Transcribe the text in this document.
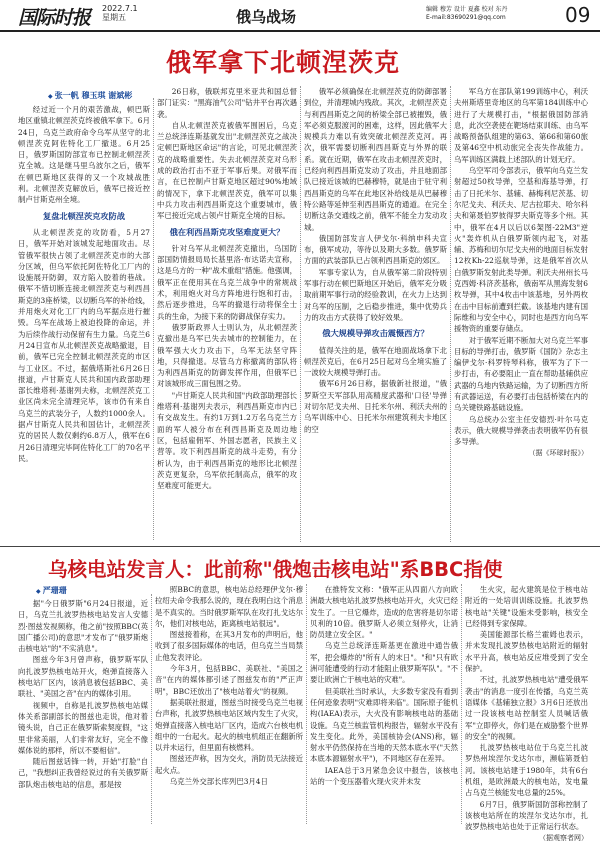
国际时报 2022.7.1
星期五	俄乌战场	编辑 穆芳 设计 夏鑫 校对 东丹
E-mail:83690291@qq.com	09
俄军拿下北顿涅茨克
◆ 张一帆 穆玉琪 谢斌彬

经过近一个月的艰苦激战，顿巴斯地区重镇北顿涅茨克终被俄军拿下。6月24日，乌克兰政府命令乌军从坚守的北顿涅茨克阿佐特化工厂撤退。6月25日，俄罗斯国防部宣布已控制北顿涅茨克全城。这是继马里乌波尔之后，俄军在顿巴斯地区获得的又一个攻城战胜利。北顿涅茨克解放后，俄军已接近控制卢甘斯克州全境。

复盘北顿涅茨克攻防战

从北顿涅茨克的攻防看，5月27日，俄军开始对该城发起地面攻击。尽管俄军很快占领了北顿涅茨克市的大部分区域，但乌军依托阿佐特化工厂内的设施展开防御，双方陷入胶着的巷战。俄军不惜切断连接北顿涅茨克与利西昌斯克的3座桥梁，以切断乌军的补给线，并用炮火对化工厂内的乌军据点进行摧毁。乌军在战场上被迫投降的命运，并为后续作战行动保留有生力量。乌克兰6月24日宣布从北顿涅茨克战略撤退，目前，俄军已完全控制北顿涅茨克的市区与工业区。不过，据俄塔斯社6月26日报道，卢甘斯克人民共和国内政部助理部长维塔利·基谢列夫称，北顿涅茨克工业区尚未完全清理完毕，该市仍有来自乌克兰的武装分子，人数约1000余人。据卢甘斯克人民共和国估计，北顿涅茨克的居民人数仅剩约6.8万人，俄军在6月26日清理完毕阿佐特化工厂的70名平民。

26日称，俄联邦克里米亚共和国总督部门证实："黑海油气公司"钻井平台再次遇袭。

自从北顿涅茨克被俄军围困后，乌克兰总统泽连斯基就发出"北顿涅茨克之战决定顿巴斯地区命运"的言论，可见北顿涅茨克的战略重要性。失去北顿涅茨克对乌形成的政治打击不亚于军事后果。对俄军而言，在已控制卢甘斯克地区超过90%地域的情况下，拿下北顿涅茨克，俄军可以集中兵力攻击利西昌斯克这个重要城市，俄军已接近完成占领卢甘斯克全境的目标。

俄在利西昌斯克攻坚难度更大？

针对乌军从北顿涅茨克撤出，乌国防部国防情报局局长基里洛·布达诺夫宣称，这是乌方的一种"战术重组"措施。他强调，俄军正在使用其在乌克兰战争中的常规战术，利用炮火对乌方阵地进行饱和打击，然后逐步推进，乌军的撤退行动将保全士兵的生命，为接下来的防御战保存实力。

俄罗斯政界人士则认为，从北顿涅茨克撤出是乌军已失去城市的控制能力，在俄军强大火力攻击下，乌军无法坚守阵地，只得撤退。尽管乌方称撤离的部队将为利西昌斯克的防御发挥作用，但俄军已对该城形成三面包围之势。

"卢甘斯克人民共和国"内政部助理部长维塔利·基谢列夫表示，利西昌斯克市内已有交战发生。有约1万到1.2万名乌克兰方面的军人被分布在利西昌斯克及周边地区，包括雇佣军、外国志愿者，民族主义营等。攻下利西昌斯克的战斗走势，有分析认为，由于利西昌斯克的地形比北顿涅茨克更复杂，乌军依托制高点，俄军的攻坚难度可能更大。

俄军必须确保在北顿涅茨克的防御部署到位，并清理城内残敌。其次，北顿涅茨克与利西昌斯克之间的桥梁全部已被摧毁，俄军必须克服渡河的困难，这样，因此俄军大规模兵力难以有效突破北顿涅茨克河。再次，俄军需要切断利西昌斯克与外界的联系。就在近期，俄军在攻击北顿涅茨克时，已经向利西昌斯克发动了攻击，并且地面部队已接近该城的巴赫穆特，就是由于驻守利西昌斯克的乌军在此地区补给线是从巴赫穆特公路等延伸至利西昌斯克的通道。在完全切断这条交通线之前，俄军不能全力发动攻城。

俄国防部发言人伊戈尔·科纳申科夫宣布，俄军成功，等待以及期大多数。俄罗斯方面的武装部队已占领利西昌斯克的郊区。

军事专家认为，自从俄军第二阶段特别军事行动在顿巴斯地区开始后，俄军充分吸取前期军事行动的经验教训，在火力上达到对乌军的压制，之后稳步推进，集中优势兵力的攻击方式获得了较好效果。

俄大规模导弹攻击震慑西方？

值得关注的是，俄军在地面战场拿下北顿涅茨克后，在6月25日起对乌全境实施了一波较大规模导弹打击。

俄军6月26日称，据俄新社报道，"俄罗斯空天军部队用高精度武器和'口径'导弹对切尔尼戈夫州、日托米尔州、利沃夫州的乌军训练中心、日托米尔州建筑利夫卡地区的空

军乌方在部队第199训练中心，利沃夫州斯塔里奇地区的乌军第184训练中心进行了大规模打击，"根据俄国防部消息，此次空袭使在靶场结束训练、由乌军战略预备队组建的第63、第66和第60旅及第46空中机动旅完全丧失作战能力。乌军训练区满载上述部队的计划无疗。

乌空军司令部表示，俄军向乌克兰发射超过50枚导弹，空基和海基导弹，打击了日托米尔、基辅、赫梅利尼茨基、切尔尼戈夫、利沃夫、尼古拉耶夫、哈尔科夫和第聂伯罗彼得罗夫斯克等多个州。其中，俄军在4月以后以6架图-22M3"逆火"轰炸机从白俄罗斯领内起飞，对基辅、苏梅和切尔尼戈夫州的地面目标发射12枚Kh-22巡航导弹，这是俄军首次从白俄罗斯发射此类导弹。利沃夫州州长马克西姆·科济茨基称，俄南军从黑海发射6枚导弹，其中4枚击中该基地，另外两枚在击中目标前遭到拦截。该基地内建有国际维和与安全中心，同时也是西方向乌军援物资的重要存储点。

对于俄军近期不断加大对乌克兰军事目标的导弹打击，俄罗斯《国防》杂志主编伊戈尔·科罗特琴科称，俄军为了下一步打击，有必要阻止一直在帮助基辅供应武器的乌地内铁路运输，为了切断西方所有武器运送，有必要打击包括桥梁在内的乌关键铁路基础设施。

乌总统办公室主任安德烈·叶尔马克表示，俄大规模导弹袭击表明俄军仍有很多导弹。

（据《环球时报》）

乌核电站发言人：此前称"俄炮击核电站"系BBC指使
◆ 严珊珊

据"今日俄罗斯"6月24日报道，近日，乌克兰扎波罗热核电站发言人安德烈·图兹发视频称，他之前"按照BBC(英国广播公司)的意思"才发布了"俄罗斯炮击核电站"的"不实消息"。

图兹今年3月曾声称，俄罗斯军队向扎波罗热核电站开火，炮弹直接落入核电站厂区内，该消息被包括BBC、美联社、"美国之音"在内的媒体引用。

视频中，自称是扎波罗热核电站媒体关系部副部长的图兹也走说，他对着镜头说，自己正在俄罗斯索契度假，"这里非常美丽，人们非常友好，完全不像媒体说的那样，所以不要相信"。

随后图兹话锋一转，开始"打脸"自己，"我想纠正我曾经说过的有关俄罗斯部队炮击核电站的信息，那是按

照BBC的意思，核电站总经理伊戈尔·穆拉绍夫命令我那么说的，现在我明白这个消息是不真实的。当时俄罗斯军队在攻打扎戈达尔尔，他们对核电站，距离核电站很远"。

图兹接着称，在其3月发布的声明后，他收到了很多国际媒体的电话，但乌克兰当局禁止他发表评论。

今年3月，包括BBC、美联社、"美国之音"在内的媒体都引述了图兹发布的"严正声明"，BBC还放出了"核电站着火"的视频。

据美联社报道，图兹当时接受乌克兰电视台声称，扎波罗热核电站区域内发生了火灾，炮弹直接落入核电站厂区内，造成六台核电机组中的一台起火。起火的核电机组正在翻新所以并未运行，但里面有核燃料。

图兹还声称，因为交火，消防员无法接近起火点。

乌克兰外交部长库列巴3月4日

在推特发文称："俄军正从四面八方向欧洲最大核电站扎波罗热核电站开火，火灾已经发生了。一旦它爆炸，造成的危害将是切尔诺贝利的10倍。俄罗斯人必须立刻停火，让消防员建立安全区。"

乌克兰总统泽连斯基更在激进中通告俄军，把会爆炸的"所有人的末日"。"和"只有欧洲可能遭受的行动才能阻止俄罗斯军队"。"不要让欧洲亡于核电站的灾难"。

但美联社当时承认，大多数专家没有看到任何迹象表明"灾难即将来临"。国际原子能机构(IAEA)表示，大火没有影响核电站的基础设施。乌克兰核监管机构报告，辐射水平没有发生变化。此外，美国核协会(ANS)称，辐射水平仍然保持在当地的天然本底水平("天然本底本源辐射水平")，不同地区存在差异。

IAEA总于3月紧急会议中报告，该核电站的一个变压器着火现火灾并未发

生火灾，起火建筑是位于核电站附近的一处培训训练设施。扎波罗热核电站"关键"设施未受影响，核安全已经得到专家保障。

美国能源部长格兰霍姆也表示，并未发现扎波罗热核电站附近的辐射水平升高，核电站反应堆受到了安全保护。

不过，扎波罗热核电站"遭受俄军袭击"的消息一度引在传播，乌克兰英语媒体《基辅独立报》3月6日还放出过一段该核电站控制室人员喊话俄军"立即停火，你们是在威胁整个世界的安全"的视频。

扎波罗热核电站位于乌克兰扎波罗热州埃涅尔戈达尔市，濒临第聂伯河。该核电站建于1980年，共有6台机组，是欧洲最大的核电站，发电量占乌克兰核能发电总量的25%。

6月7日，俄罗斯国防部称控制了该核电站所在的埃涅尔戈达尔市，扎波罗热核电站也处于正常运行状态。

（据观察者网）
